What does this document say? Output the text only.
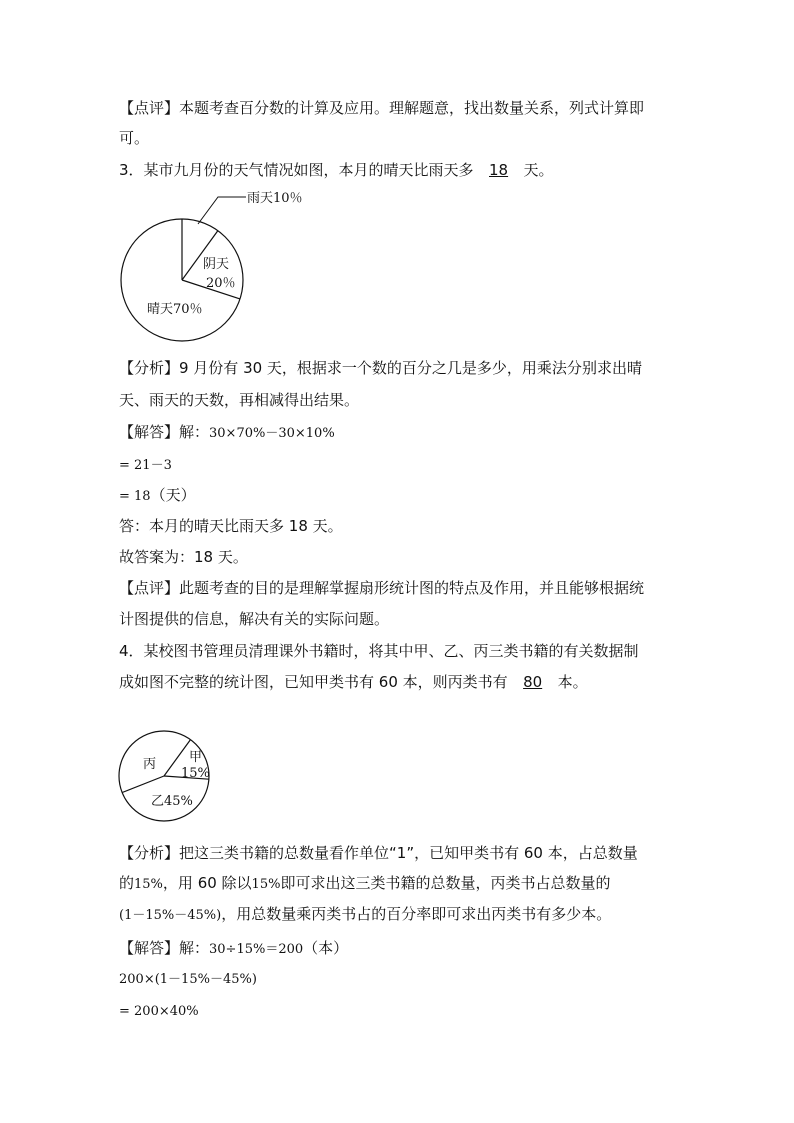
【点评】本题考查百分数的计算及应用。理解题意，找出数量关系，列式计算即
可。
3．某市九月份的天气情况如图，本月的晴天比雨天多 18 天。
雨天10％
阴天
20％
晴天70％
甲
15%
丙
乙45%
【分析】9 月份有 30 天，根据求一个数的百分之几是多少，用乘法分别求出晴
天、雨天的天数，再相减得出结果。
【解答】解：30×70%－30×10%
= 21－3
= 18（天）
答：本月的晴天比雨天多 18 天。
故答案为：18 天。
【点评】此题考查的目的是理解掌握扇形统计图的特点及作用，并且能够根据统
计图提供的信息，解决有关的实际问题。
4．某校图书管理员清理课外书籍时，将其中甲、乙、丙三类书籍的有关数据制
成如图不完整的统计图，已知甲类书有 60 本，则丙类书有 80 本。
【分析】把这三类书籍的总数量看作单位“1”，已知甲类书有 60 本，占总数量
的15%，用 60 除以15%即可求出这三类书籍的总数量，丙类书占总数量的
(1－15%－45%)，用总数量乘丙类书占的百分率即可求出丙类书有多少本。
【解答】解：30÷15%＝200（本）
200×(1－15%－45%)
= 200×40%
